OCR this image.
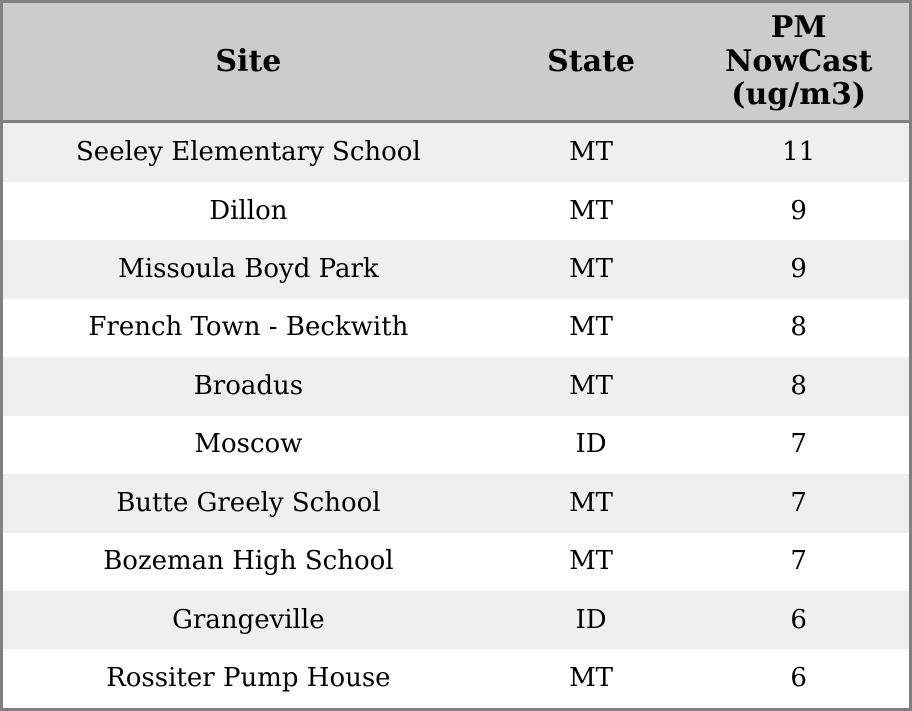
Site	State	PM
NowCast
(ug/m3)

Seeley Elementary School	MT	11
Dillon	MT	9
Missoula Boyd Park	MT	9
French Town - Beckwith	MT	8
Broadus	MT	8
Moscow	ID	7
Butte Greely School	MT	7
Bozeman High School	MT	7
Grangeville	ID	6
Rossiter Pump House	MT	6
